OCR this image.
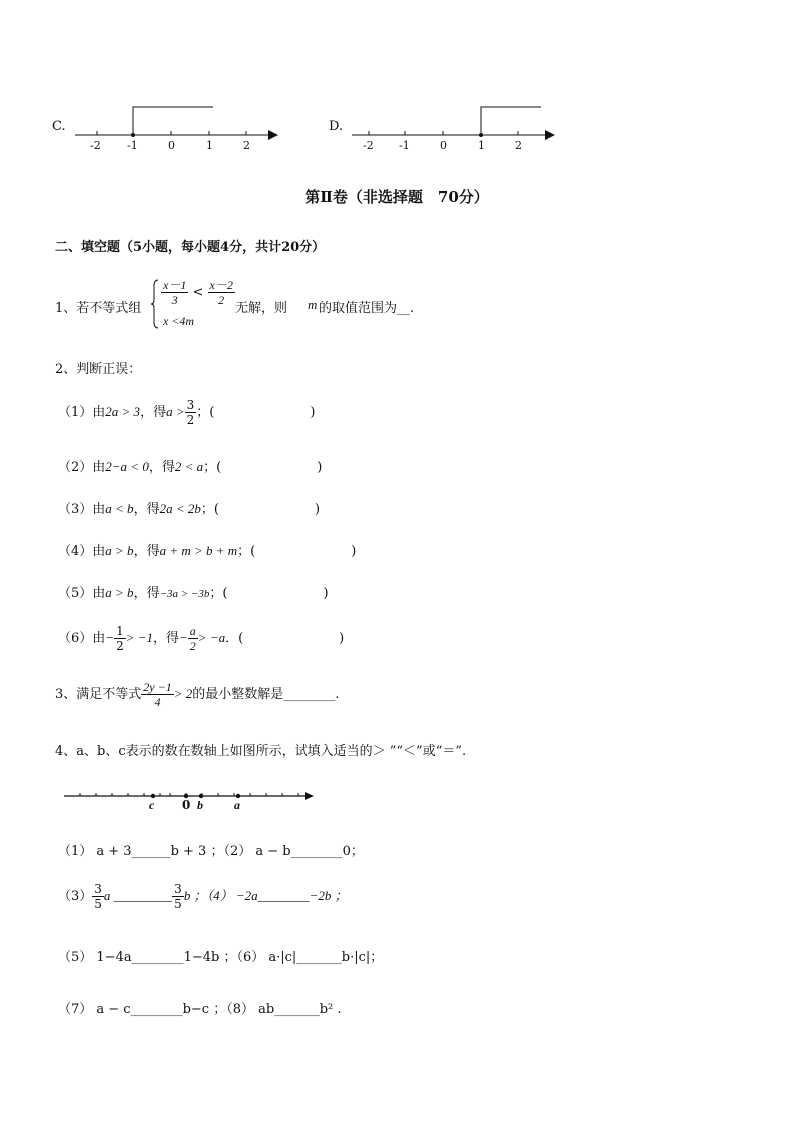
C.
-2 -1	0	1	2
D.
-2 -1	0	1	2
第Ⅱ卷（非选择题　70分）
二、填空题（5小题，每小题4分，共计20分）
1、若不等式组
$\frac{x-1}{3} < \frac{x-2}{2}$
x <4m
无解，则 m 的取值范围为__.
2、判断正误：
（1）由2a > 3，得$a > \frac{3}{2}$ ；(	)
（2）由2−a < 0，得2 < a；(	)
（3）由a < b，得2a < 2b；(	)
（4）由a > b，得a + m > b + m；(	)
（5）由a > b，得−3a > −3b；(	)
（6）由− $\frac{1}{2} > -1$，得− $\frac{a}{2} > -a$．(	)
3、满足不等式 $\frac{2y -1}{4} > 2$的最小整数解是________.
4、a、b、c表示的数在数轴上如图所示，试填入适当的＞ ”“＜”或“＝”.
c 0 b	a
（1） a + 3______b + 3 ；（2） a − b________0；
$(3) \frac{3}{5}$ a _________ $\frac{3}{5}$ b ；（4） −2a________−2b ；
（5） 1−4a________1−4b ；（6） a·|c|_______b·|c|；
（7） a − c________b−c ；（8） ab_______b² .
